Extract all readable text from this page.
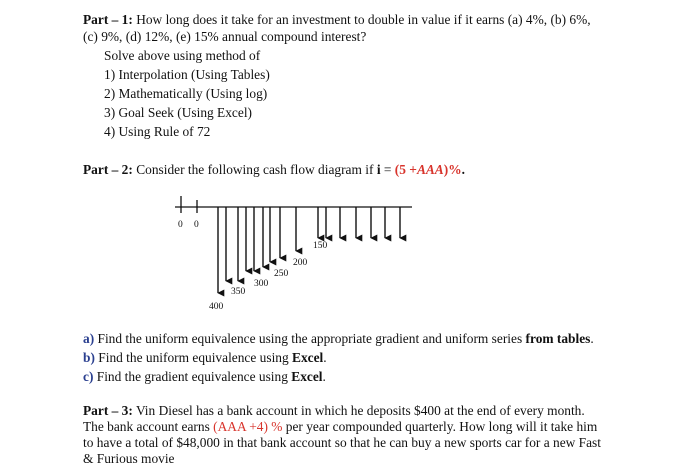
Part – 1: How long does it take for an investment to double in value if it earns (a) 4%, (b) 6%,
(c) 9%, (d) 12%, (e) 15% annual compound interest?
Solve above using method of
1) Interpolation (Using Tables)
2) Mathematically (Using log)
3) Goal Seek (Using Excel)
4) Using Rule of 72
Part – 2: Consider the following cash flow diagram if i = (5 +AAA)%.
0 0
400
350
300
250
200
150
a) Find the uniform equivalence using the appropriate gradient and uniform series from tables.
b) Find the uniform equivalence using Excel.
c) Find the gradient equivalence using Excel.
Part – 3: Vin Diesel has a bank account in which he deposits $400 at the end of every month.
The bank account earns (AAA +4) % per year compounded quarterly. How long will it take him
to have a total of $48,000 in that bank account so that he can buy a new sports car for a new Fast
& Furious movie
